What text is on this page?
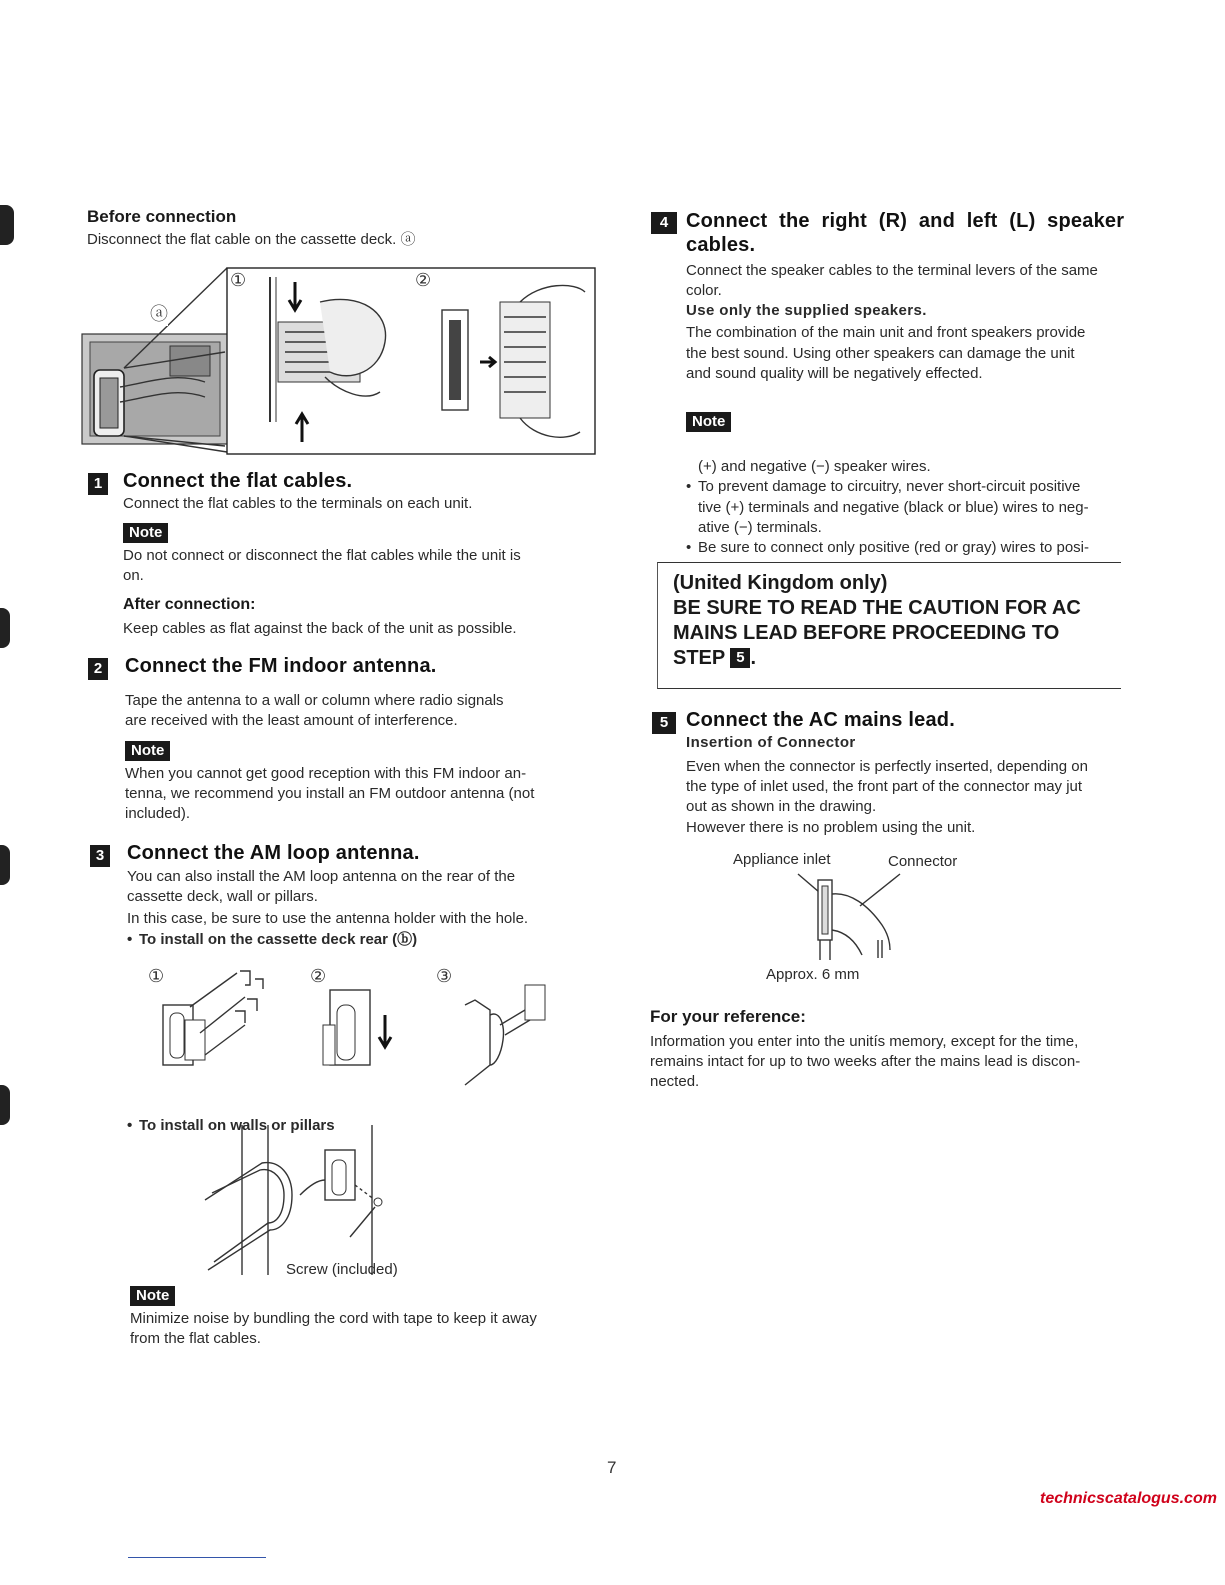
Before connection
Disconnect the flat cable on the cassette deck. ⓐ
①	②
ⓐ
1 Connect the flat cables.
Connect the flat cables to the terminals on each unit.
Note
Do not connect or disconnect the flat cables while the unit is
on.
After connection:
Keep cables as flat against the back of the unit as possible.
2 Connect the FM indoor antenna.
Tape the antenna to a wall or column where radio signals
are received with the least amount of interference.
Note
When you cannot get good reception with this FM indoor an-
tenna, we recommend you install an FM outdoor antenna (not
included).
3 Connect the AM loop antenna.
You can also install the AM loop antenna on the rear of the
cassette deck, wall or pillars.
In this case, be sure to use the antenna holder with the hole.
• To install on the cassette deck rear (ⓑ)
①	②	③
• To install on walls or pillars
Screw (included)
Note
Minimize noise by bundling the cord with tape to keep it away
from the flat cables.
4 Connect the right (R) and left (L) speaker
cables.
Connect the speaker cables to the terminal levers of the same
color.
Use only the supplied speakers.
The combination of the main unit and front speakers provide
the best sound. Using other speakers can damage the unit
and sound quality will be negatively effected.
Note
• To prevent damage to circuitry, never short-circuit positive
(+) and negative (−) speaker wires.
• Be sure to connect only positive (red or gray) wires to posi-
tive (+) terminals and negative (black or blue) wires to neg-
ative (−) terminals.
(United Kingdom only)
BE SURE TO READ THE CAUTION FOR AC
MAINS LEAD BEFORE PROCEEDING TO
STEP 5 .
5 Connect the AC mains lead.
Insertion of Connector
Even when the connector is perfectly inserted, depending on
the type of inlet used, the front part of the connector may jut
out as shown in the drawing.
However there is no problem using the unit.
Appliance inlet	Connector
Approx. 6 mm
For your reference:
Information you enter into the unitís memory, except for the time,
remains intact for up to two weeks after the mains lead is discon-
nected.
7
technicscatalogus.com
